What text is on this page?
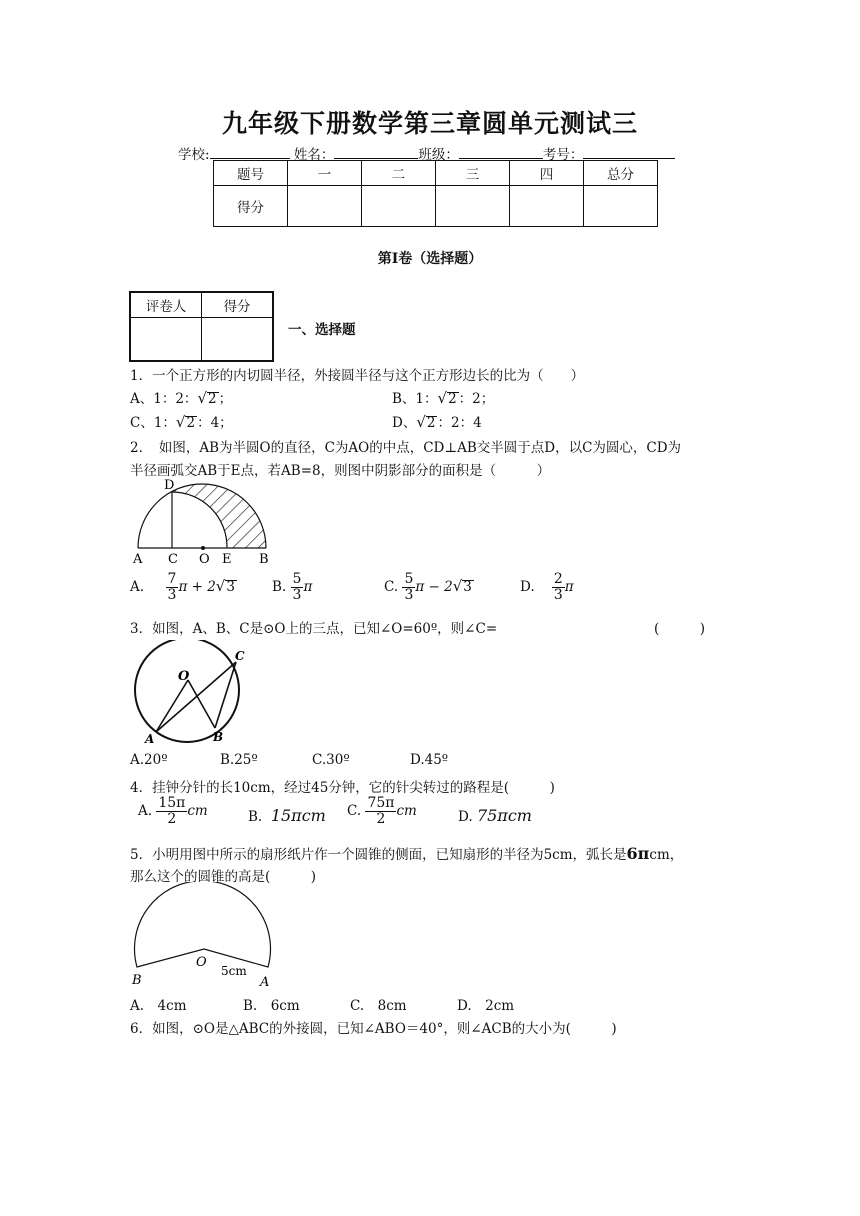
九年级下册数学第三章圆单元测试三
学校:	姓名：	班级：	考号：
题号	一	二	三	四	总分
得分					
第Ⅰ卷（选择题）
评卷人	得分

一、选择题
1．一个正方形的内切圆半径，外接圆半径与这个正方形边长的比为（　　）
A、1：2：√2 ；	B、1：√2 ：2；
C、1：√2 ：4；	D、√2 ：2：4
2．　如图，AB为半圆O的直径，C为AO的中点，CD⊥AB交半圆于点D，以C为圆心，CD为
半径画弧交AB于E点，若AB=8，则图中阴影部分的面积是（　　　）
D
A C O E B
A. $\frac{7}{3}$ π + 2√3	B. $\frac{5}{3}$ π	C. $\frac{5}{3}$ π − 2√3	D. $\frac{2}{3}$ π
3．如图，A、B、C是⊙O上的三点，已知∠O=60º，则∠C=	(　　　)
O
A	B
C
A.20º	B.25º	C.30º	D.45º
4．挂钟分针的长10cm，经过45分钟，它的针尖转过的路程是(　　　)
A. $\frac{15\pi}{2}$ cm	B. 15πcm C. $\frac{75\pi}{2}$ cm	D. 75πcm
5．小明用图中所示的扇形纸片作一个圆锥的侧面，已知扇形的半径为5cm，弧长是6πcm，
那么这个的圆锥的高是(　　　)
B
O
A
5cm
A.　4cm	B.　6cm	C.　8cm	D.　2cm
6．如图，⊙O是△ABC的外接圆，已知∠ABO＝40°，则∠ACB的大小为(　　　)
